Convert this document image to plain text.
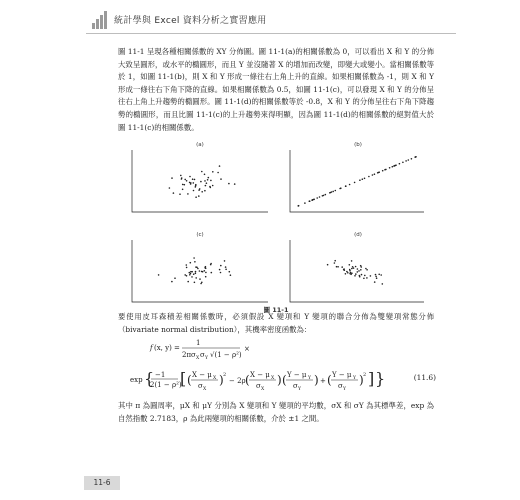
統計學與 Excel 資料分析之實習應用

圖 11-1 呈現各種相關係數的 XY 分佈圖。圖 11-1(a)的相關係數為 0，可以看出 X 和 Y 的分佈大致呈圓形，或水平的橢圓形，而且 Y 並沒隨著 X 的增加而改變，即變大或變小。當相關係數等於 1，如圖 11-1(b)，則 X 和 Y 形成一條往右上角上升的直線。如果相關係數為 -1，則 X 和 Y 形成一條往右下角下降的直線。如果相關係數為 0.5，如圖 11-1(c)，可以發現 X 和 Y 的分佈呈往右上角上升趨勢的橢圓形。圖 11-1(d)的相關係數等於 -0.8，X 和 Y 的分佈呈往右下角下降趨勢的橢圓形，而且比圖 11-1(c)的上升趨勢來得明顯，因為圖 11-1(d)的相關係數的絕對值大於圖 11-1(c)的相關係數。

(a)	(b)
(c)	(d)
圖 11-1

要使用皮耳森積差相關係數時，必須假設 X 變項和 Y 變項的聯合分佈為雙變項常態分佈（bivariate normal distribution），其機率密度函數為：

f (x, y) =
1
2πσ X σ Y √(1 − ρ²)
×
exp { −1
2(1 − ρ²)
[ ( X − μ X
σ X
) 2
− 2ρ ( X − μ X
σ X
) ( Y − μ Y
σ Y
) + ( Y − μ Y
σ Y
) 2 ] }	(11.6)

其中 π 為圓周率，μX 和 μY 分別為 X 變項和 Y 變項的平均數，σX 和 σY 為其標準差，exp 為自然指數 2.7183，ρ 為此兩變項的相關係數，介於 ±1 之間。

11-6
